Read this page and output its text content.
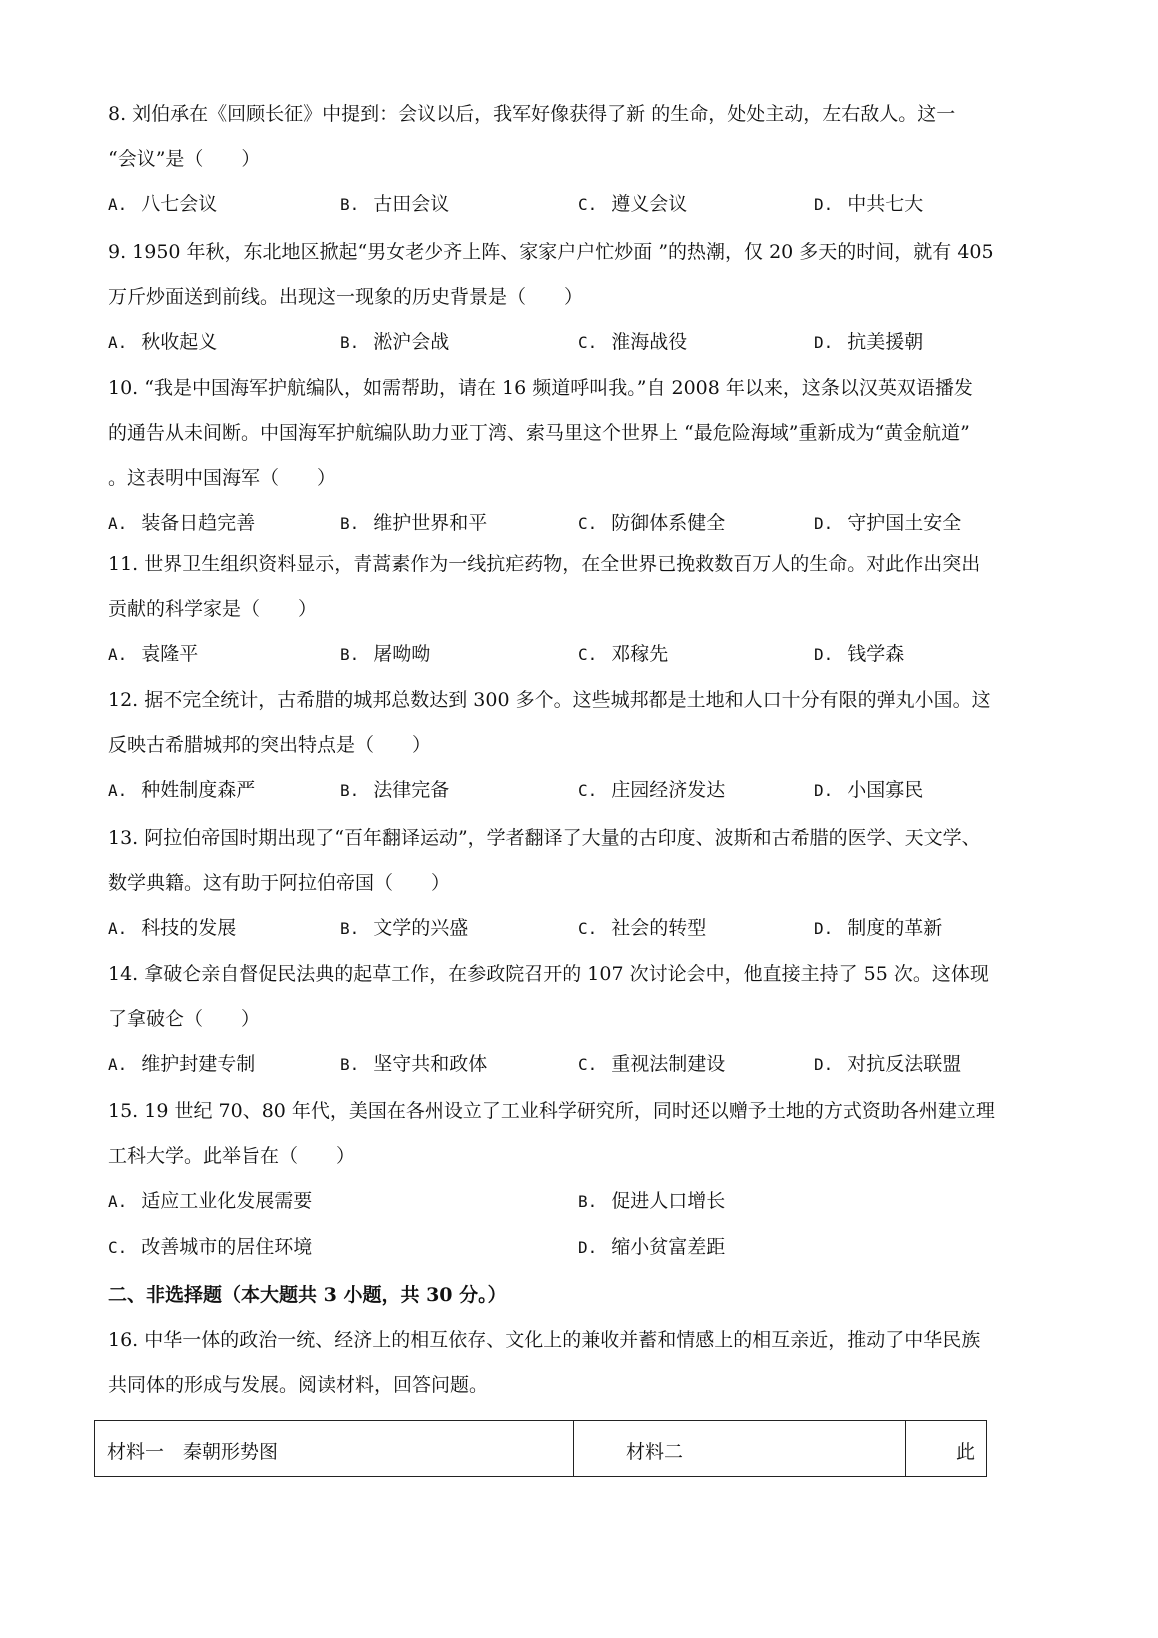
8. 刘伯承在《回顾长征》中提到：会议以后，我军好像获得了新 的生命，处处主动，左右敌人。这一
“会议”是（　　）
A. 八七会议	B. 古田会议	C. 遵义会议	D. 中共七大
9. 1950 年秋，东北地区掀起“男女老少齐上阵、家家户户忙炒面 ”的热潮，仅 20 多天的时间，就有 405
万斤炒面送到前线。出现这一现象的历史背景是（　　）
A. 秋收起义	B. 淞沪会战	C. 淮海战役	D. 抗美援朝
10. “我是中国海军护航编队，如需帮助，请在 16 频道呼叫我。”自 2008 年以来，这条以汉英双语播发
的通告从未间断。中国海军护航编队助力亚丁湾、索马里这个世界上 “最危险海域”重新成为“黄金航道”
。这表明中国海军（　　）
A. 装备日趋完善	B. 维护世界和平	C. 防御体系健全	D. 守护国土安全
11. 世界卫生组织资料显示，青蒿素作为一线抗疟药物，在全世界已挽救数百万人的生命。对此作出突出
贡献的科学家是（　　）
A. 袁隆平	B. 屠呦呦	C. 邓稼先	D. 钱学森
12. 据不完全统计，古希腊的城邦总数达到 300 多个。这些城邦都是土地和人口十分有限的弹丸小国。这
反映古希腊城邦的突出特点是（　　）
A. 种姓制度森严	B. 法律完备	C. 庄园经济发达	D. 小国寡民
13. 阿拉伯帝国时期出现了“百年翻译运动”，学者翻译了大量的古印度、波斯和古希腊的医学、天文学、
数学典籍。这有助于阿拉伯帝国（　　）
A. 科技的发展	B. 文学的兴盛	C. 社会的转型	D. 制度的革新
14. 拿破仑亲自督促民法典的起草工作，在参政院召开的 107 次讨论会中，他直接主持了 55 次。这体现
了拿破仑（　　）
A. 维护封建专制	B. 坚守共和政体	C. 重视法制建设	D. 对抗反法联盟
15. 19 世纪 70、80 年代，美国在各州设立了工业科学研究所，同时还以赠予土地的方式资助各州建立理
工科大学。此举旨在（　　）
A. 适应工业化发展需要	B. 促进人口增长
C. 改善城市的居住环境	D. 缩小贫富差距
二、非选择题（本大题共 3 小题，共 30 分。）
16. 中华一体的政治一统、经济上的相互依存、文化上的兼收并蓄和情感上的相互亲近，推动了中华民族
共同体的形成与发展。阅读材料，回答问题。
材料一　秦朝形势图	材料二	此
